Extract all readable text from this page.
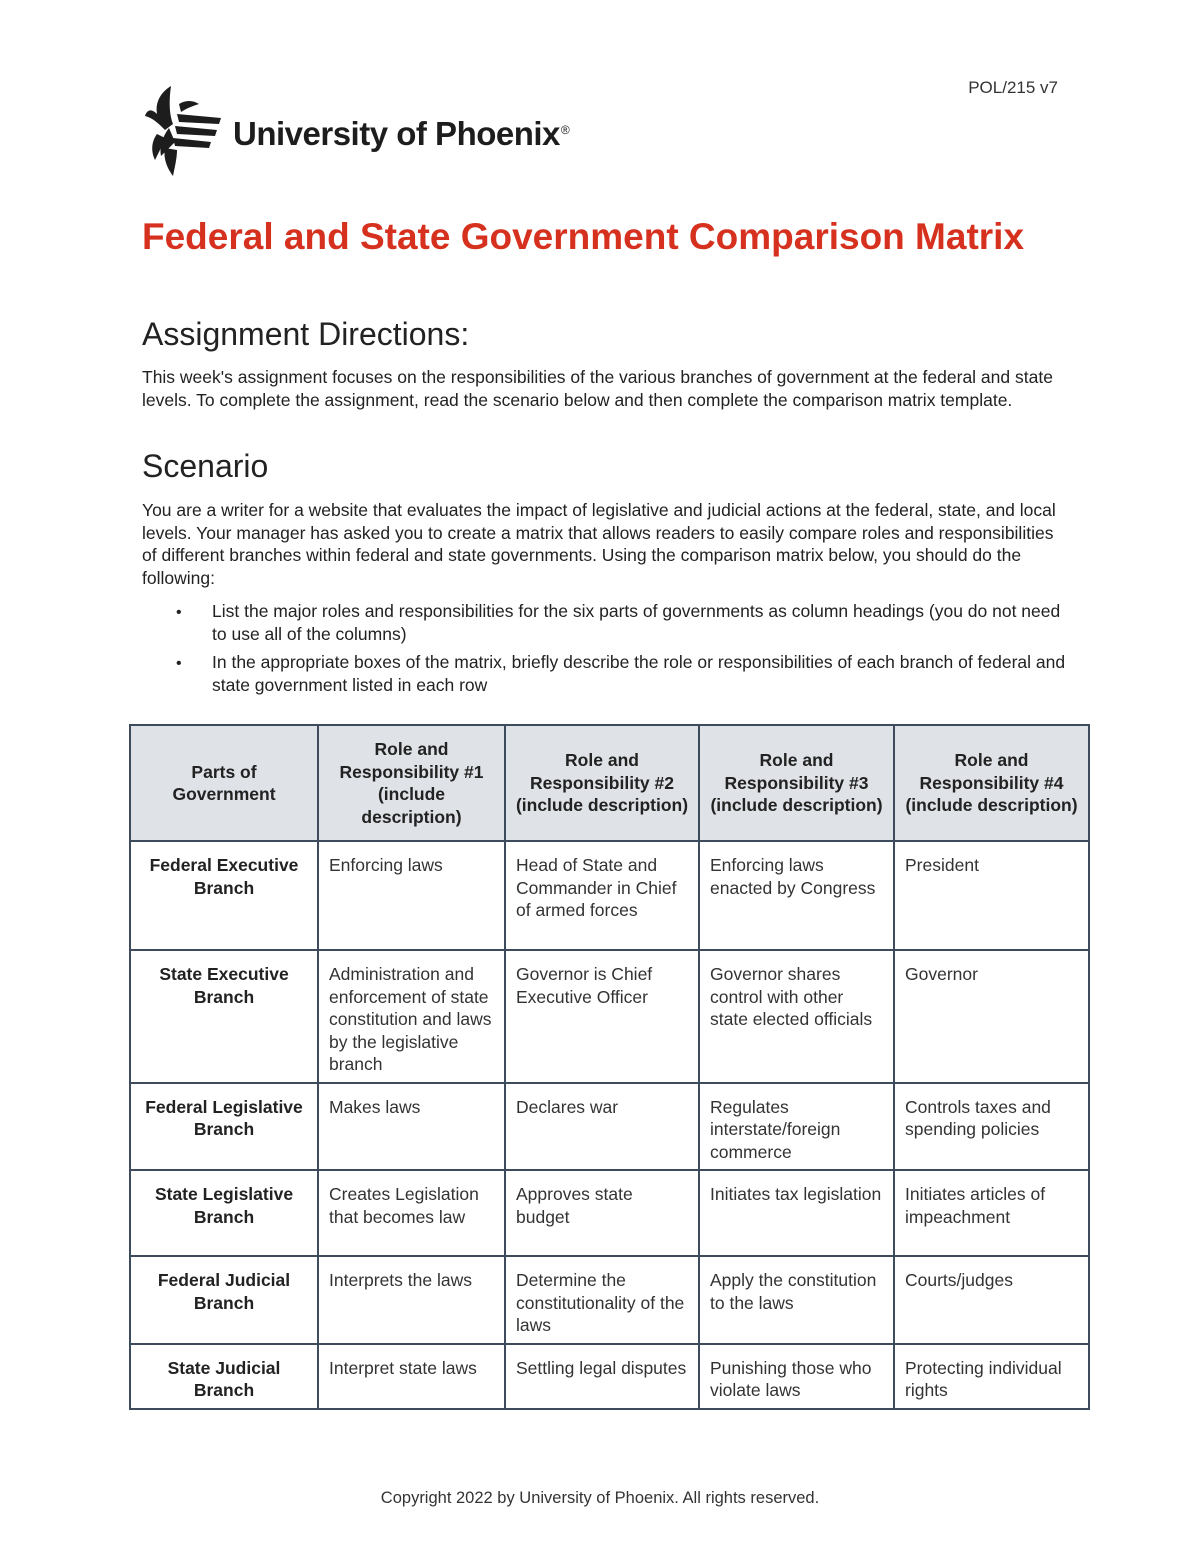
POL/215 v7
University of Phoenix®
Federal and State Government Comparison Matrix
Assignment Directions:

This week's assignment focuses on the responsibilities of the various branches of government at the federal and state levels. To complete the assignment, read the scenario below and then complete the comparison matrix template.

Scenario

You are a writer for a website that evaluates the impact of legislative and judicial actions at the federal, state, and local levels. Your manager has asked you to create a matrix that allows readers to easily compare roles and responsibilities of different branches within federal and state governments. Using the comparison matrix below, you should do the following:

• List the major roles and responsibilities for the six parts of governments as column headings (you do not need to use all of the columns)
• In the appropriate boxes of the matrix, briefly describe the role or responsibilities of each branch of federal and state government listed in each row
Parts of Government	Role and Responsibility #1 (include description)	Role and Responsibility #2 (include description)	Role and Responsibility #3 (include description)	Role and Responsibility #4 (include description)
Federal Executive Branch	Enforcing laws	Head of State and Commander in Chief of armed forces	Enforcing laws enacted by Congress	President
State Executive Branch	Administration and enforcement of state constitution and laws by the legislative branch	Governor is Chief Executive Officer	Governor shares control with other state elected officials	Governor
Federal Legislative Branch	Makes laws	Declares war	Regulates interstate/foreign commerce	Controls taxes and spending policies
State Legislative Branch	Creates Legislation that becomes law	Approves state budget	Initiates tax legislation	Initiates articles of impeachment
Federal Judicial Branch	Interprets the laws	Determine the constitutionality of the laws	Apply the constitution to the laws	Courts/judges
State Judicial Branch	Interpret state laws	Settling legal disputes	Punishing those who violate laws	Protecting individual rights
Copyright 2022 by University of Phoenix. All rights reserved.
